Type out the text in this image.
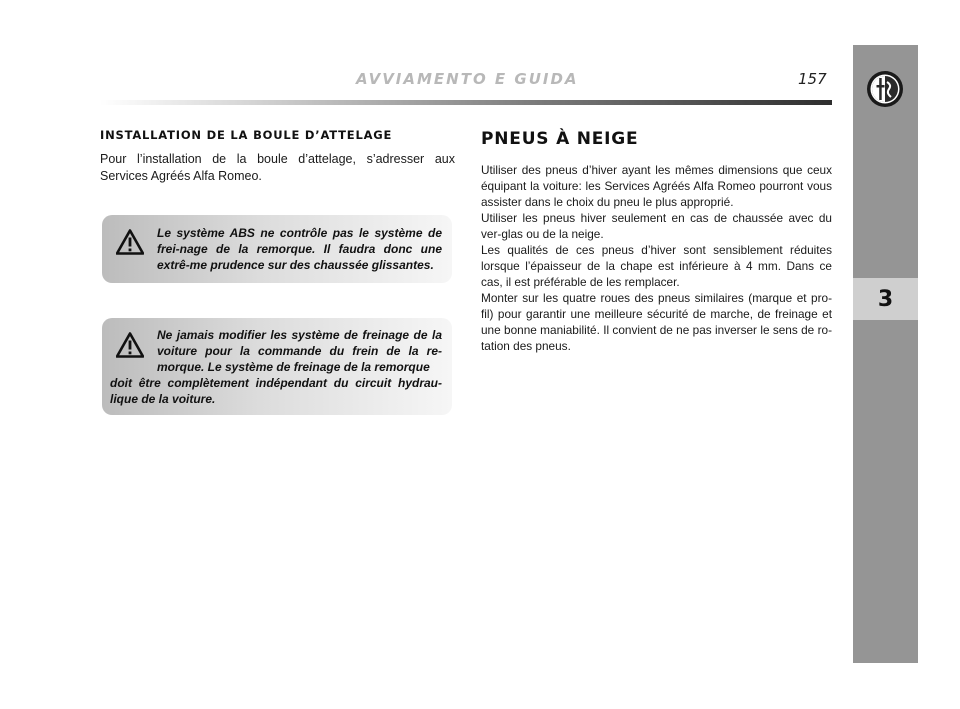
AVVIAMENTO E GUIDA	157
3
INSTALLATION DE LA BOULE D’ATTELAGE
Pour l’installation de la boule d’attelage, s’adresser aux Services Agréés Alfa Romeo.
Le système ABS ne contrôle pas le système de frei-nage de la remorque. Il faudra donc une extrê-me prudence sur des chaussée glissantes.
Ne jamais modifier les système de freinage de la voiture pour la commande du frein de la re-morque. Le système de freinage de la remorque
doit être complètement indépendant du circuit hydrau-lique de la voiture.
PNEUS À NEIGE

Utiliser des pneus d’hiver ayant les mêmes dimensions que ceux équipant la voiture: les Services Agréés Alfa Romeo pourront vous assister dans le choix du pneu le plus approprié.

Utiliser les pneus hiver seulement en cas de chaussée avec du ver-glas ou de la neige.

Les qualités de ces pneus d’hiver sont sensiblement réduites lorsque l’épaisseur de la chape est inférieure à 4 mm. Dans ce cas, il est préférable de les remplacer.

Monter sur les quatre roues des pneus similaires (marque et pro-fil) pour garantir une meilleure sécurité de marche, de freinage et une bonne maniabilité. Il convient de ne pas inverser le sens de ro-tation des pneus.
